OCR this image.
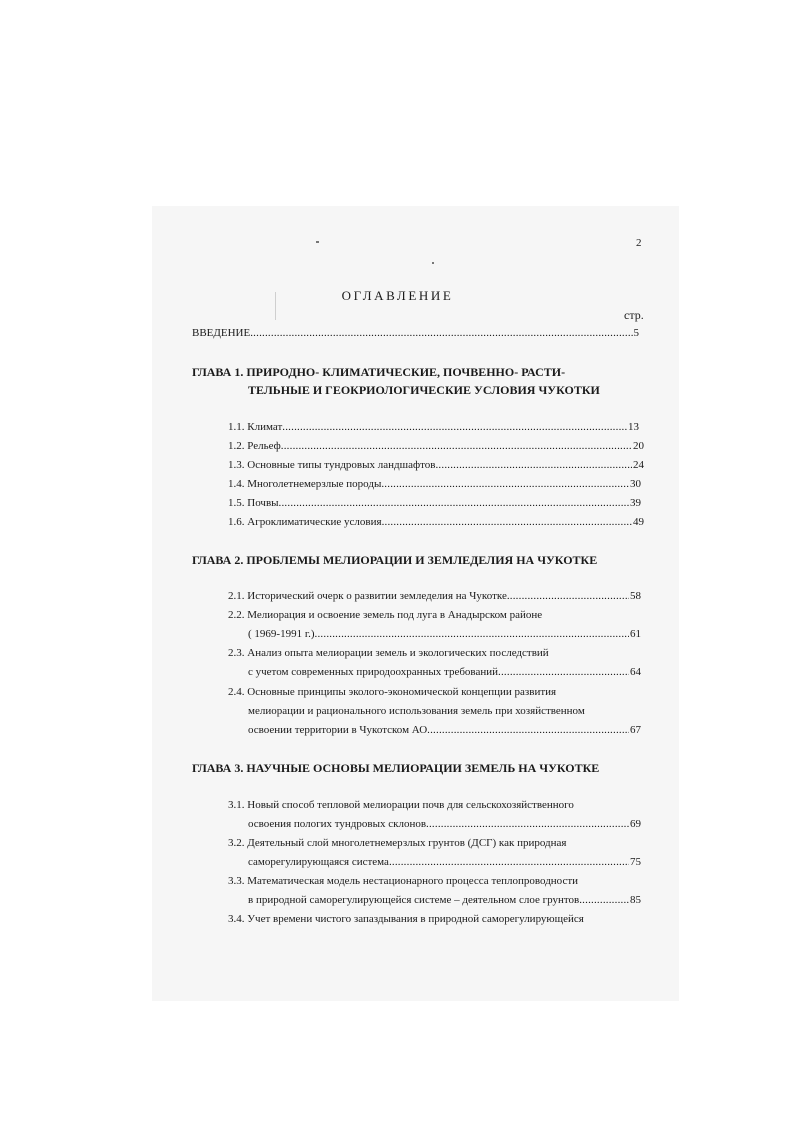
2
ОГЛАВЛЕНИЕ
стр.
ВВЕДЕНИЕ .....	5
ГЛАВА 1. ПРИРОДНО- КЛИМАТИЧЕСКИЕ, ПОЧВЕННО- РАСТИ-
ТЕЛЬНЫЕ И ГЕОКРИОЛОГИЧЕСКИЕ УСЛОВИЯ ЧУКОТКИ
1.1. Климат .....	13
1.2. Рельеф .....	20
1.3. Основные типы тундровых ландшафтов .....	24
1.4. Многолетнемерзлые породы .....	30
1.5. Почвы .....	39
1.6. Агроклиматические условия .....	49
ГЛАВА 2. ПРОБЛЕМЫ МЕЛИОРАЦИИ И ЗЕМЛЕДЕЛИЯ НА ЧУКОТКЕ
2.1. Исторический очерк о развитии земледелия на Чукотке .....	58
2.2. Мелиорация и освоение земель под луга в Анадырском районе
( 1969-1991 г.) .....	61
2.3. Анализ опыта мелиорации земель и экологических последствий
с учетом современных природоохранных требований .....	64
2.4. Основные принципы эколого-экономической концепции развития
мелиорации и рационального использования земель при хозяйственном
освоении территории в Чукотском АО .....	67
ГЛАВА 3. НАУЧНЫЕ ОСНОВЫ МЕЛИОРАЦИИ ЗЕМЕЛЬ НА ЧУКОТКЕ
3.1. Новый способ тепловой мелиорации почв для сельскохозяйственного
освоения пологих тундровых склонов .....	69
3.2. Деятельный слой многолетнемерзлых грунтов (ДСГ) как природная
саморегулирующаяся система .....	75
3.3. Математическая модель нестационарного процесса теплопроводности
в природной саморегулирующейся системе – деятельном слое грунтов .....	85
3.4. Учет времени чистого запаздывания в природной саморегулирующейся
